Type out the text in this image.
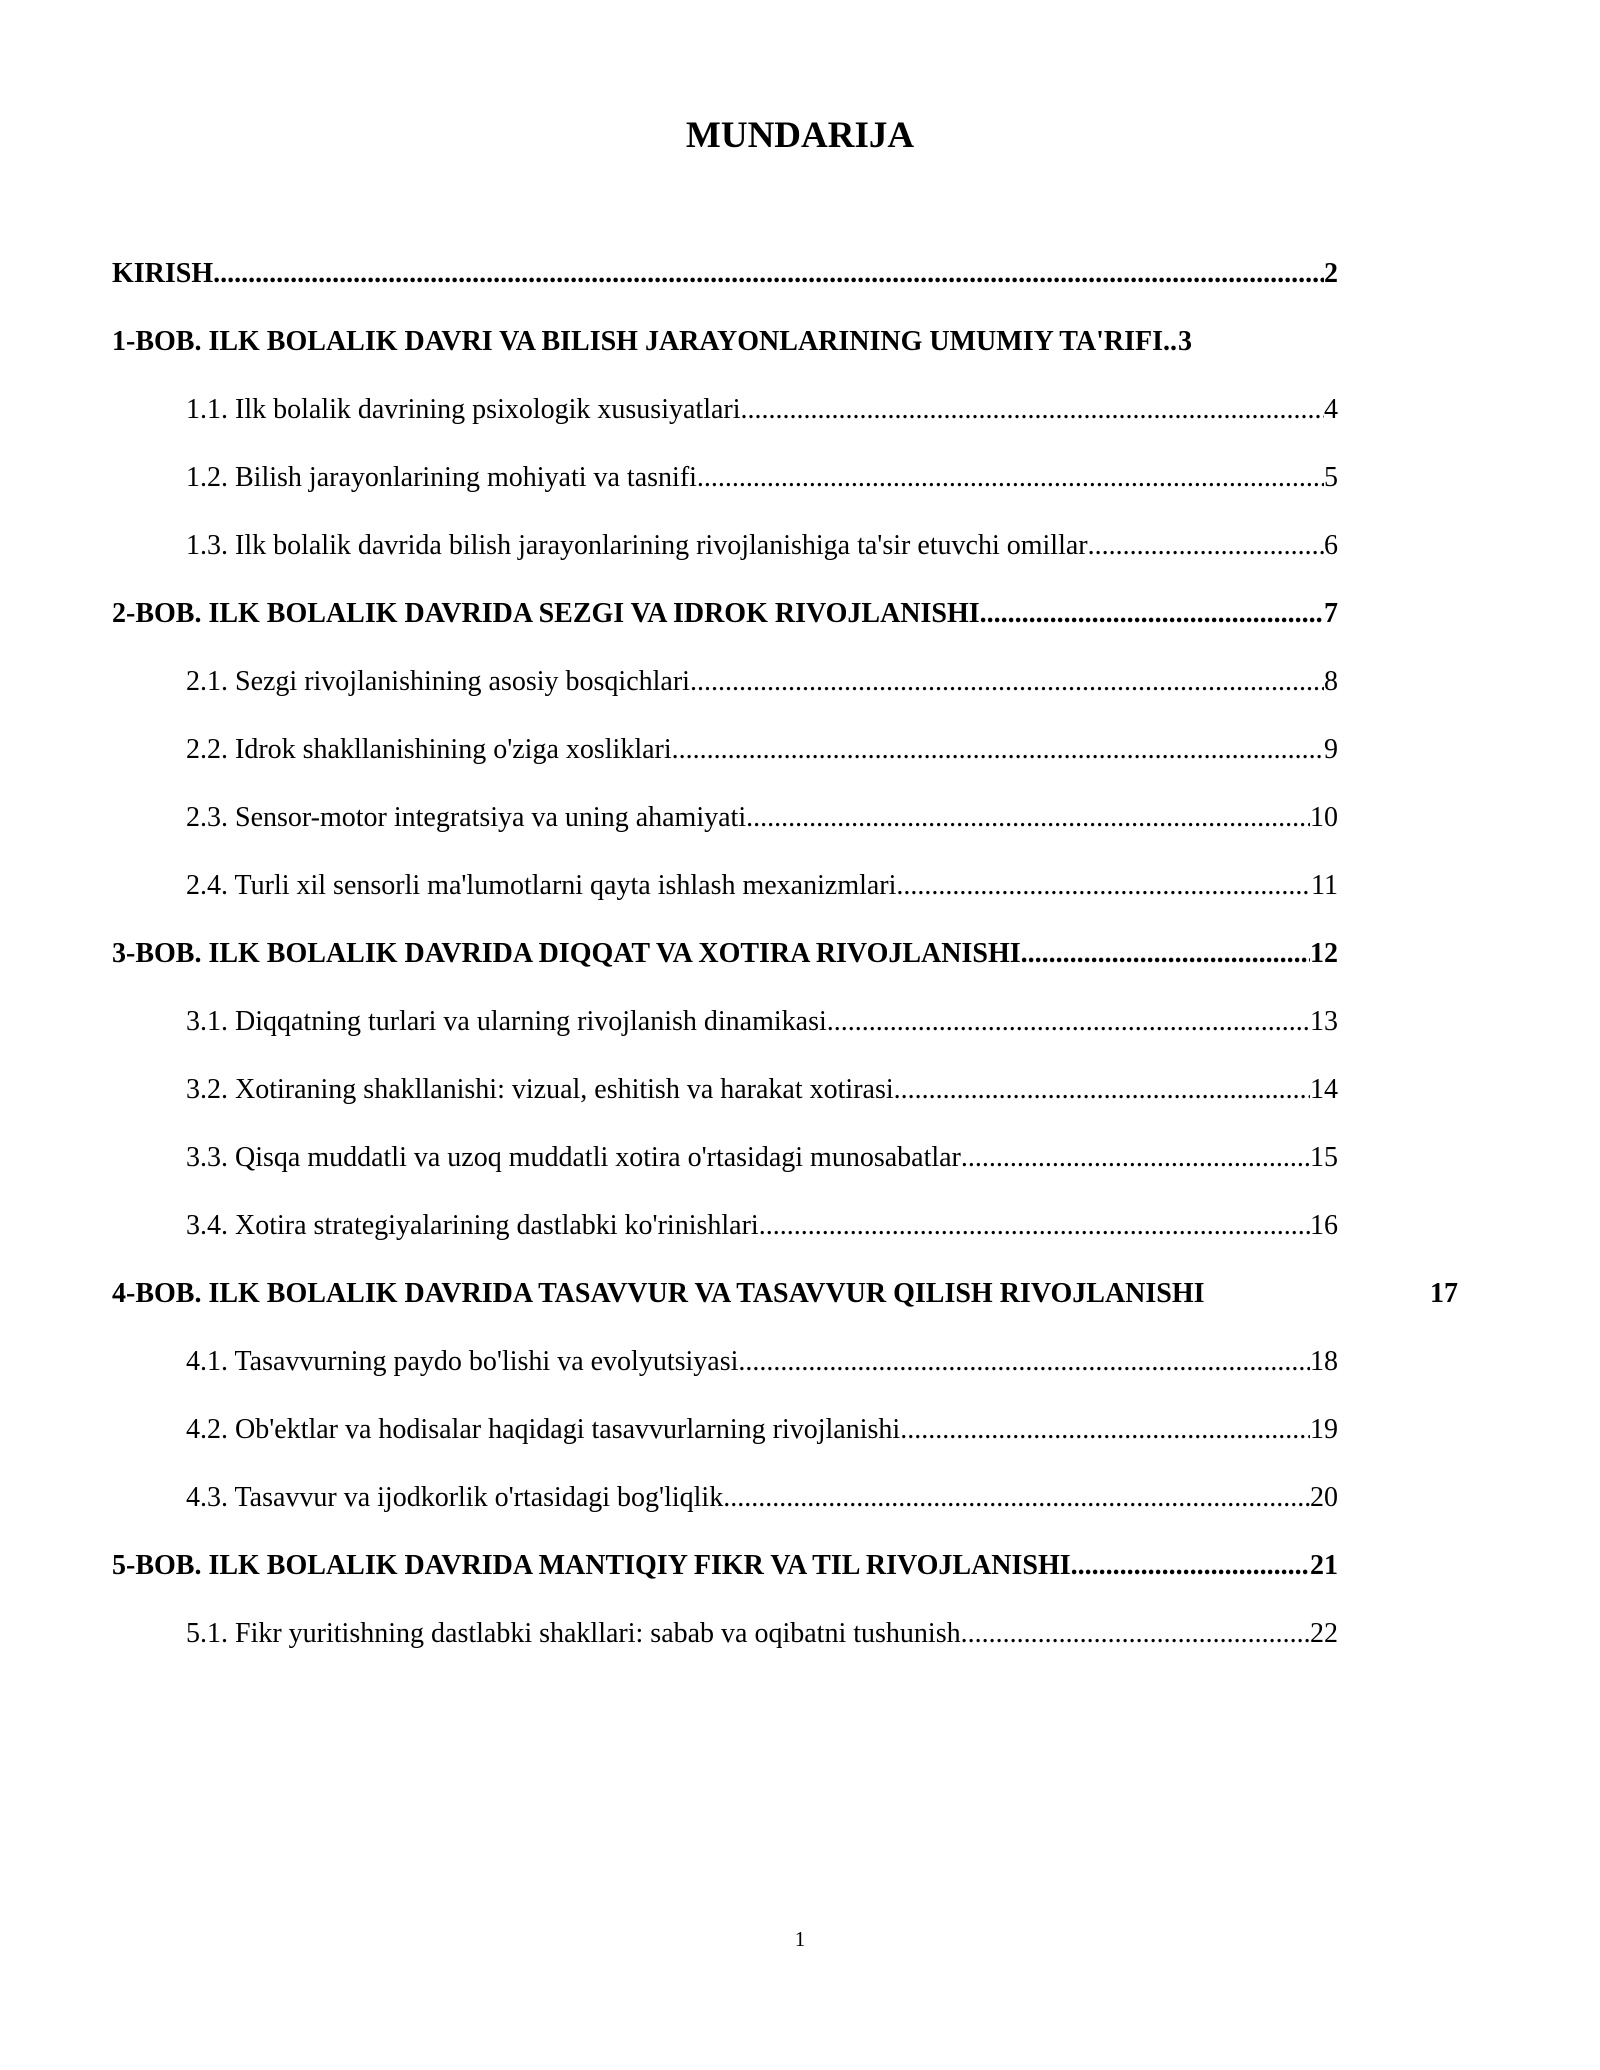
MUNDARIJA
KIRISH .....	2
1-BOB. ILK BOLALIK DAVRI VA BILISH JARAYONLARINING UMUMIY TA'RIFI. ..... 3
1.1. Ilk bolalik davrining psixologik xususiyatlari .....	4
1.2. Bilish jarayonlarining mohiyati va tasnifi .....	5
1.3. Ilk bolalik davrida bilish jarayonlarining rivojlanishiga ta'sir etuvchi omillar .....	6
2-BOB. ILK BOLALIK DAVRIDA SEZGI VA IDROK RIVOJLANISHI .....	7
2.1. Sezgi rivojlanishining asosiy bosqichlari .....	8
2.2. Idrok shakllanishining o'ziga xosliklari .....	9
2.3. Sensor-motor integratsiya va uning ahamiyati .....	10
2.4. Turli xil sensorli ma'lumotlarni qayta ishlash mexanizmlari .....	11
3-BOB. ILK BOLALIK DAVRIDA DIQQAT VA XOTIRA RIVOJLANISHI .....	12
3.1. Diqqatning turlari va ularning rivojlanish dinamikasi .....	13
3.2. Xotiraning shakllanishi: vizual, eshitish va harakat xotirasi .....	14
3.3. Qisqa muddatli va uzoq muddatli xotira o'rtasidagi munosabatlar .....	15
3.4. Xotira strategiyalarining dastlabki ko'rinishlari .....	16
4-BOB. ILK BOLALIK DAVRIDA TASAVVUR VA TASAVVUR QILISH RIVOJLANISHI	17
4.1. Tasavvurning paydo bo'lishi va evolyutsiyasi .....	18
4.2. Ob'ektlar va hodisalar haqidagi tasavvurlarning rivojlanishi .....	19
4.3. Tasavvur va ijodkorlik o'rtasidagi bog'liqlik .....	20
5-BOB. ILK BOLALIK DAVRIDA MANTIQIY FIKR VA TIL RIVOJLANISHI .....	21
5.1. Fikr yuritishning dastlabki shakllari: sabab va oqibatni tushunish .....	22
1
